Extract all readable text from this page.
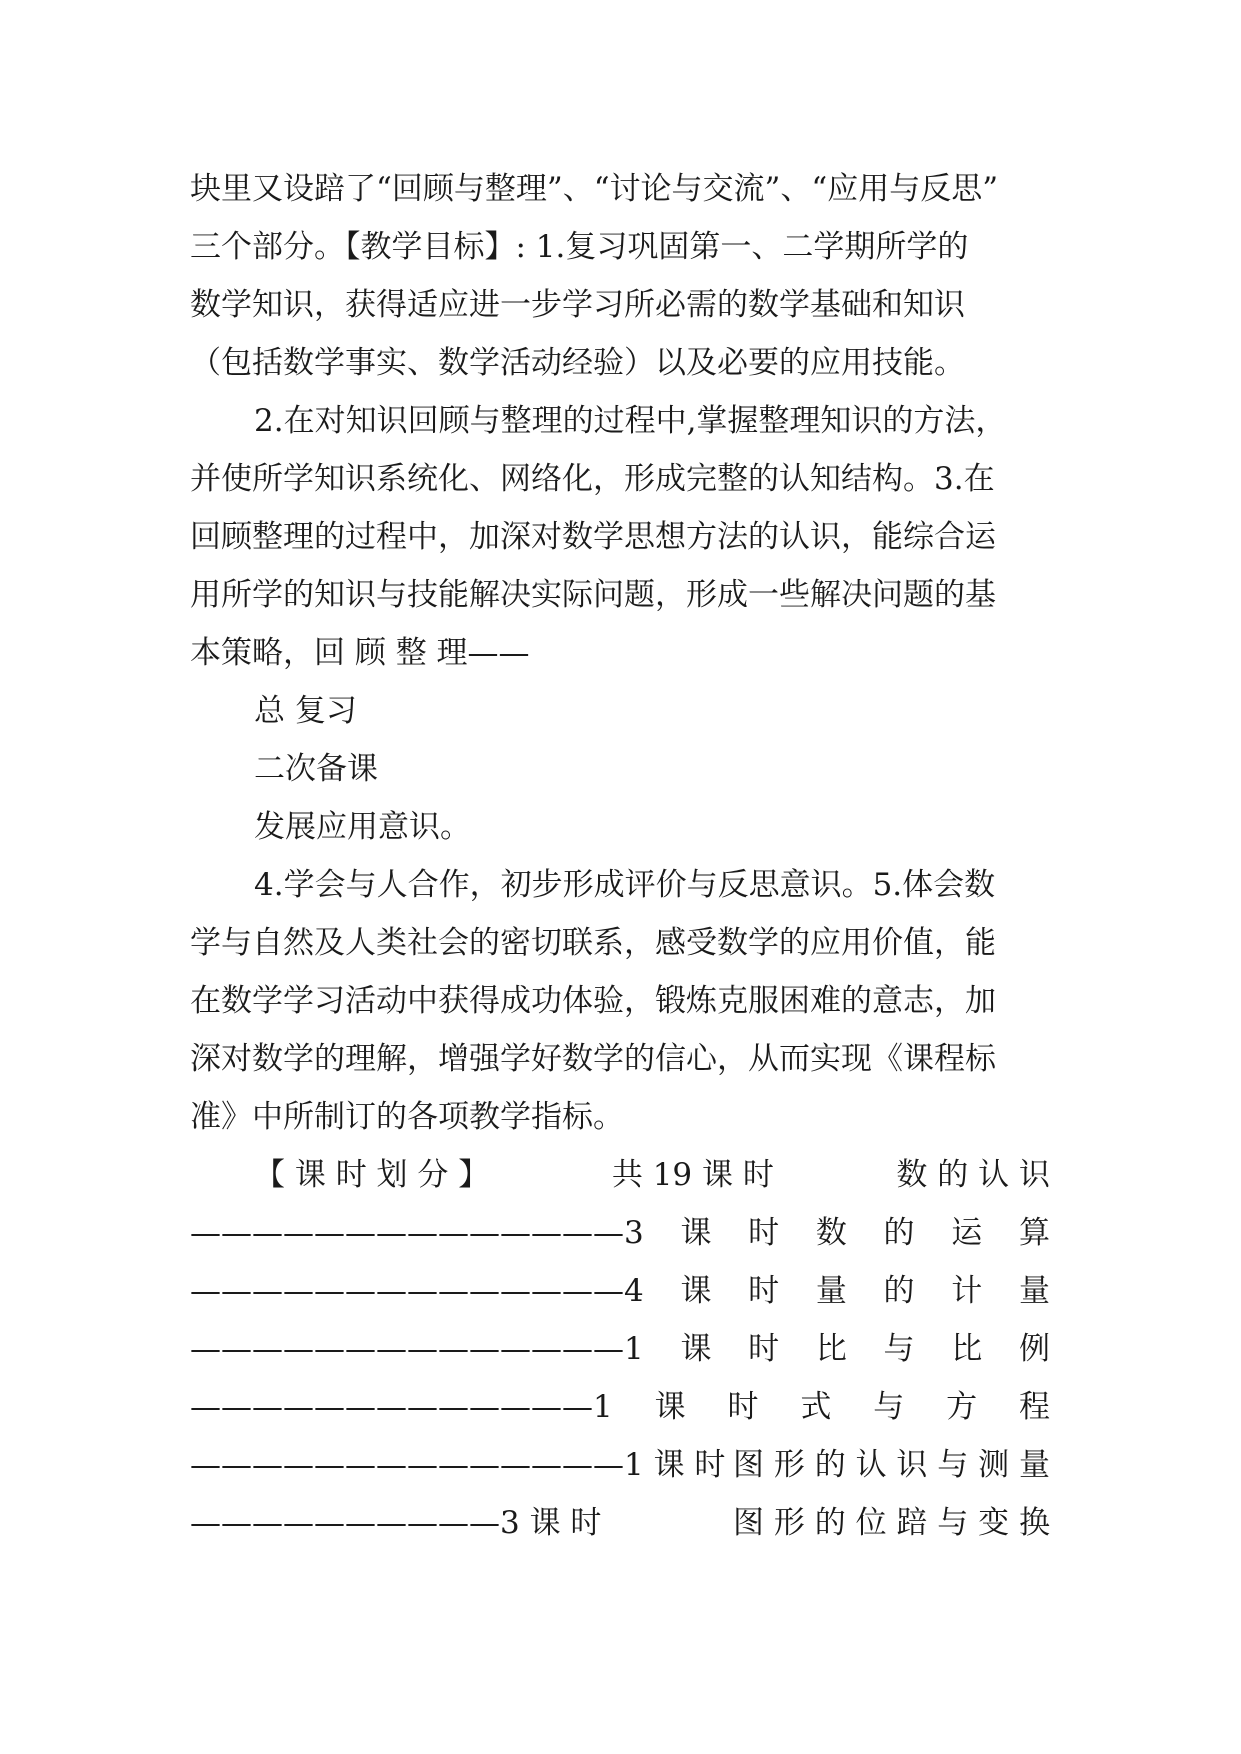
块里又设踣了“回顾与整理”、“讨论与交流”、“应用与反思”
三个部分。【教学目标】: 1.复习巩固第一、二学期所学的
数学知识，获得适应进一步学习所必需的数学基础和知识
（包括数学事实、数学活动经验）以及必要的应用技能。
2.在对知识回顾与整理的过程中,掌握整理知识的方法，
并使所学知识系统化、网络化，形成完整的认知结构。3.在
回顾整理的过程中，加深对数学思想方法的认识，能综合运
用所学的知识与技能解决实际问题，形成一些解决问题的基
本策略，回 顾 整 理——
总 复习
二次备课
发展应用意识。
4.学会与人合作，初步形成评价与反思意识。5.体会数
学与自然及人类社会的密切联系，感受数学的应用价值，能
在数学学习活动中获得成功体验，锻炼克服困难的意志，加
深对数学的理解，增强学好数学的信心，从而实现《课程标
准》中所制订的各项教学指标。
【 课 时 划 分 】	共 19 课 时	数 的 认 识
——————————————3 课 时 数 的 运 算
——————————————4 课 时 量 的 计 量
——————————————1 课 时 比 与 比 例
—————————————1 课 时 式 与 方 程
——————————————1 课 时 图 形 的 认 识 与 测 量
——————————3 课 时	图 形 的 位 踣 与 变 换
